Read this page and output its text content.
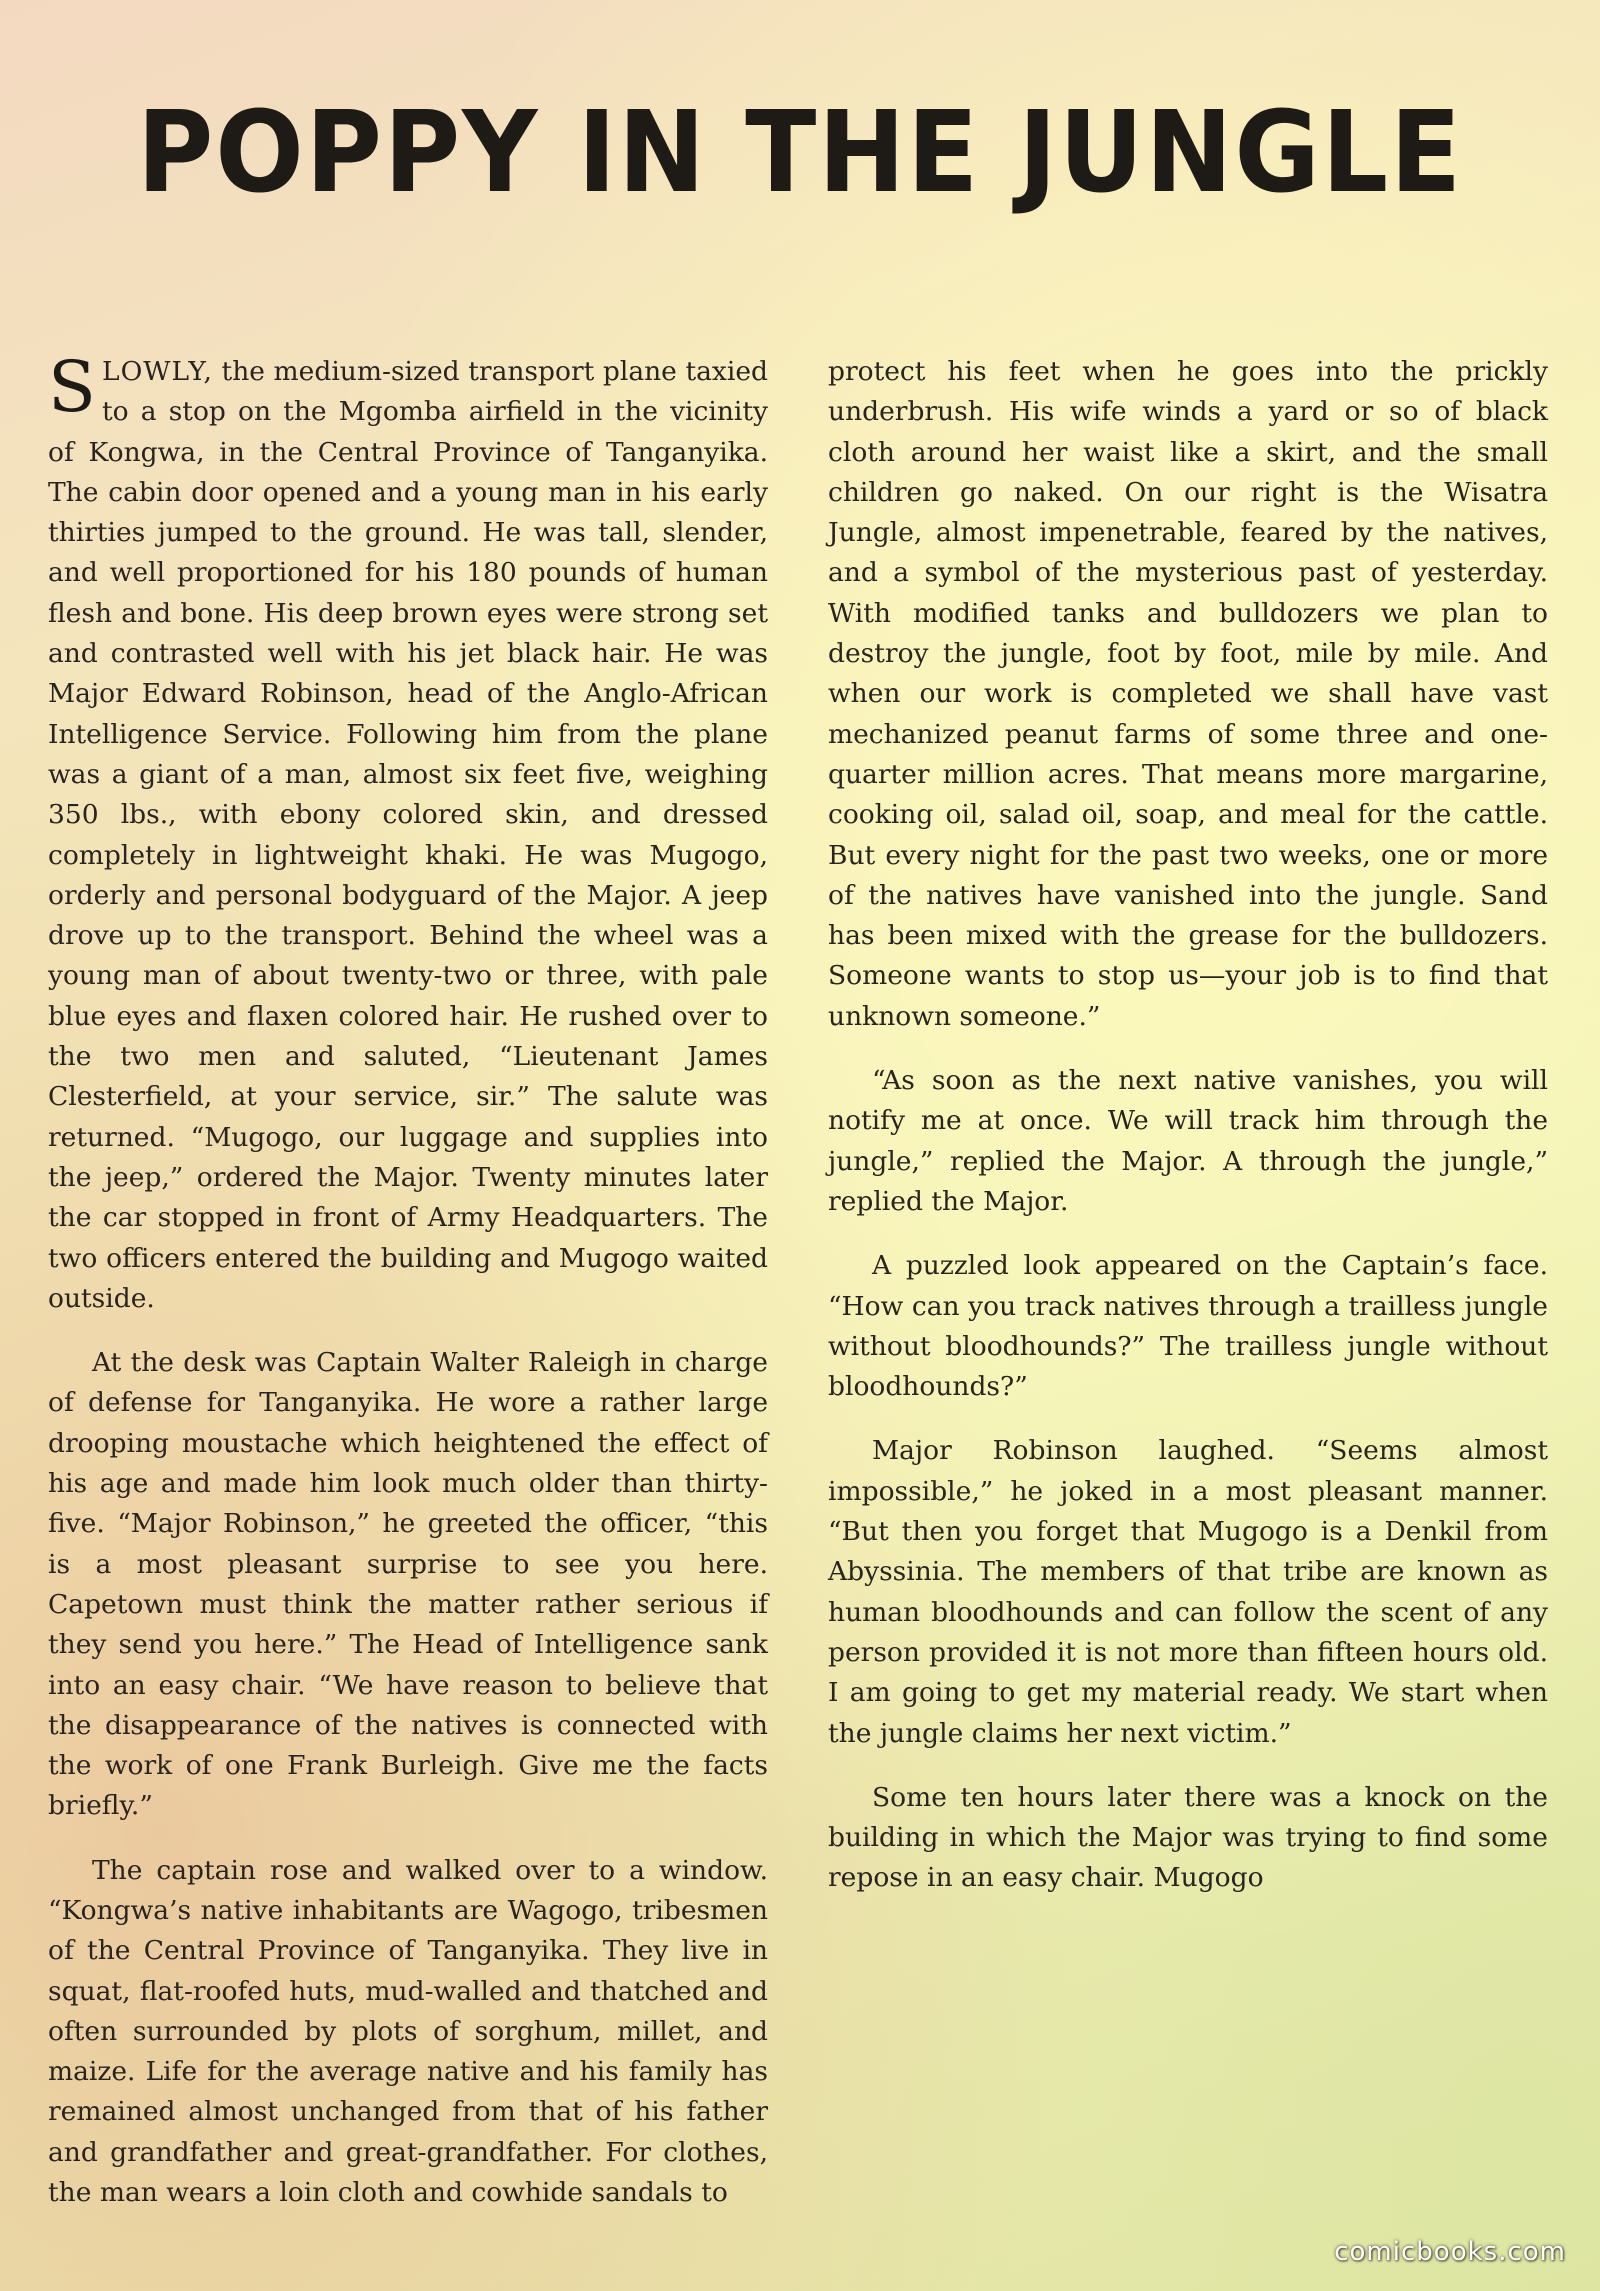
POPPY IN THE JUNGLE

SLOWLY, the medium-sized transport plane taxied to a stop on the Mgomba airfield in the vicinity of Kongwa, in the Central Province of Tanganyika. The cabin door opened and a young man in his early thirties jumped to the ground. He was tall, slender, and well proportioned for his 180 pounds of human flesh and bone. His deep brown eyes were strong set and contrasted well with his jet black hair. He was Major Edward Robinson, head of the Anglo-African Intelligence Service. Following him from the plane was a giant of a man, almost six feet five, weighing 350 lbs., with ebony colored skin, and dressed completely in lightweight khaki. He was Mugogo, orderly and personal bodyguard of the Major. A jeep drove up to the transport. Behind the wheel was a young man of about twenty-two or three, with pale blue eyes and flaxen colored hair. He rushed over to the two men and saluted, “Lieutenant James Clesterfield, at your service, sir.” The salute was returned. “Mugogo, our luggage and supplies into the jeep,” ordered the Major. Twenty minutes later the car stopped in front of Army Headquarters. The two officers entered the building and Mugogo waited outside.

At the desk was Captain Walter Raleigh in charge of defense for Tanganyika. He wore a rather large drooping moustache which heightened the effect of his age and made him look much older than thirty-five. “Major Robinson,” he greeted the officer, “this is a most pleasant surprise to see you here. Capetown must think the matter rather serious if they send you here.” The Head of Intelligence sank into an easy chair. “We have reason to believe that the disappearance of the natives is connected with the work of one Frank Burleigh. Give me the facts briefly.”

The captain rose and walked over to a window. “Kongwa’s native inhabitants are Wagogo, tribesmen of the Central Province of Tanganyika. They live in squat, flat-roofed huts, mud-walled and thatched and often surrounded by plots of sorghum, millet, and maize. Life for the average native and his family has remained almost unchanged from that of his father and grandfather and great-grandfather. For clothes, the man wears a loin cloth and cowhide sandals to

protect his feet when he goes into the prickly underbrush. His wife winds a yard or so of black cloth around her waist like a skirt, and the small children go naked. On our right is the Wisatra Jungle, almost impenetrable, feared by the natives, and a symbol of the mysterious past of yesterday. With modified tanks and bulldozers we plan to destroy the jungle, foot by foot, mile by mile. And when our work is completed we shall have vast mechanized peanut farms of some three and one-quarter million acres. That means more margarine, cooking oil, salad oil, soap, and meal for the cattle. But every night for the past two weeks, one or more of the natives have vanished into the jungle. Sand has been mixed with the grease for the bulldozers. Someone wants to stop us—your job is to find that unknown someone.”

“As soon as the next native vanishes, you will notify me at once. We will track him through the jungle,” replied the Major. A through the jungle,” replied the Major.

A puzzled look appeared on the Captain’s face. “How can you track natives through a trailless jungle without bloodhounds?” The trailless jungle without bloodhounds?”

Major Robinson laughed. “Seems almost impossible,” he joked in a most pleasant manner. “But then you forget that Mugogo is a Denkil from Abyssinia. The members of that tribe are known as human bloodhounds and can follow the scent of any person provided it is not more than fifteen hours old. I am going to get my material ready. We start when the jungle claims her next victim.”

Some ten hours later there was a knock on the building in which the Major was trying to find some repose in an easy chair. Mugogo

comicbooks.com
